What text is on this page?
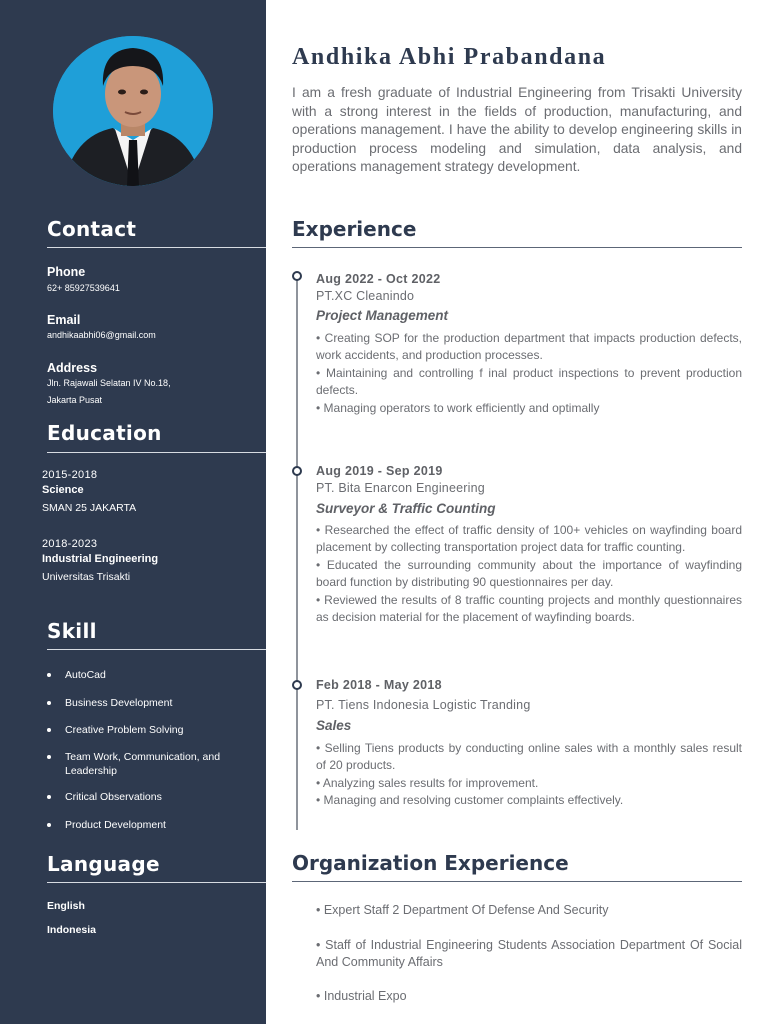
Contact
Phone
62+ 85927539641
Email
andhikaabhi06@gmail.com
Address
Jln. Rajawali Selatan IV No.18,
Jakarta Pusat
Education
2015-2018
Science
SMAN 25 JAKARTA
2018-2023
Industrial Engineering
Universitas Trisakti
Skill
AutoCad
Business Development
Creative Problem Solving
Team Work, Communication, and Leadership
Critical Observations
Product Development
Language
English
Indonesia
Andhika Abhi Prabandana
I am a fresh graduate of Industrial Engineering from Trisakti University with a strong interest in the fields of production, manufacturing, and operations management. I have the ability to develop engineering skills in production process modeling and simulation, data analysis, and operations management strategy development.
Experience
Aug 2022 - Oct 2022
PT.XC Cleanindo
Project Management
• Creating SOP for the production department that impacts production defects, work accidents, and production processes.
• Maintaining and controlling f inal product inspections to prevent production defects.
• Managing operators to work efficiently and optimally
Aug 2019 - Sep 2019
PT. Bita Enarcon Engineering
Surveyor & Traffic Counting
• Researched the effect of traffic density of 100+ vehicles on wayfinding board placement by collecting transportation project data for traffic counting.
• Educated the surrounding community about the importance of wayfinding board function by distributing 90 questionnaires per day.
• Reviewed the results of 8 traffic counting projects and monthly questionnaires as decision material for the placement of wayfinding boards.
Feb 2018 - May 2018
PT. Tiens Indonesia Logistic Tranding
Sales
• Selling Tiens products by conducting online sales with a monthly sales result of 20 products.
• Analyzing sales results for improvement.
• Managing and resolving customer complaints effectively.
Organization Experience
• Expert Staff 2 Department Of Defense And Security
• Staff of Industrial Engineering Students Association Department Of Social And Community Affairs
• Industrial Expo
